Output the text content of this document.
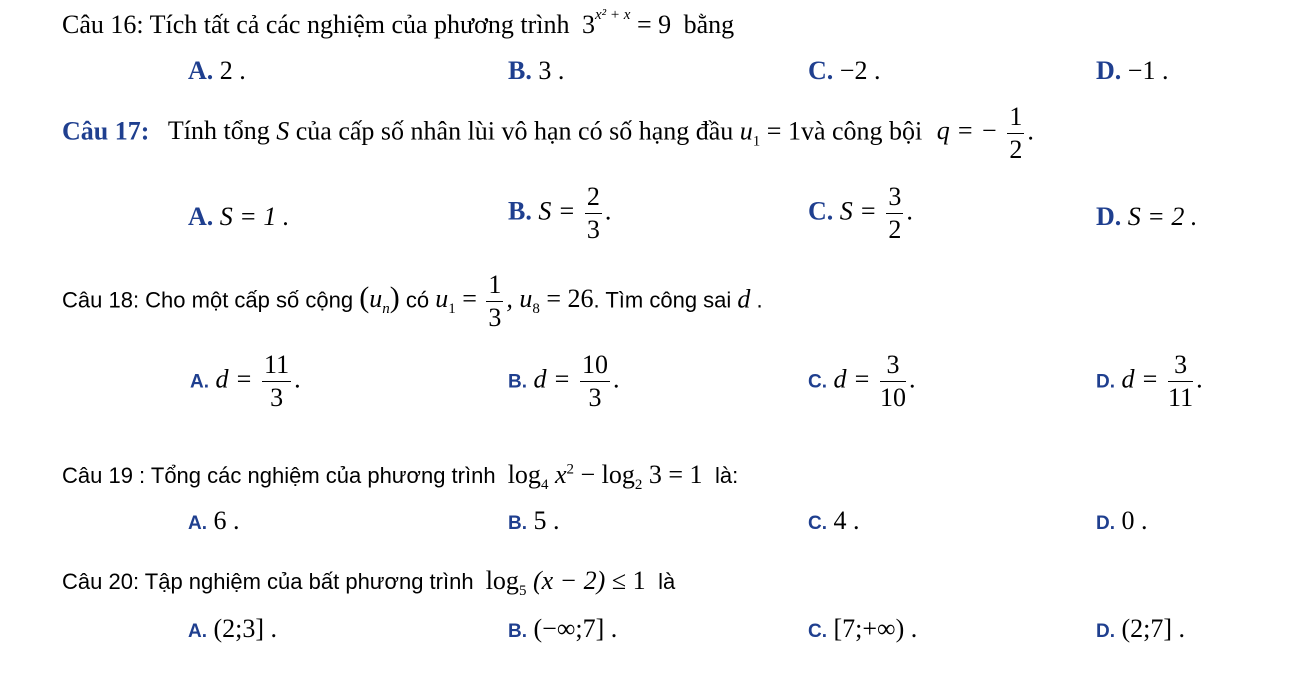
Câu 16: Tích tất cả các nghiệm của phương trình $3^{x^2 + x} = 9$ bằng
A. 2 .	B. 3 .	C. −2 .	D. −1 .
Câu 17: Tính tổng S của cấp số nhân lùi vô hạn có số hạng đầu $u_1$ = 1và công bội q = − $\frac{1}{2}$ .
A. S = 1 .	B. $S = \frac{2}{3}$ .	C. $S = \frac{3}{2}$ .	D. S = 2 .
Câu 18: Cho một cấp số cộng $(u_n)$ có $u_1 = \frac{1}{3}$ , $u_8 = 26$. Tìm công sai d .
A. $d = \frac{11}{3}$ .	B. $d = \frac{10}{3}$ .	C. $d = \frac{3}{10}$ .	D. $d = \frac{3}{11}$ .
Câu 19 : Tổng các nghiệm của phương trình $\log_4 x^2 - \log_2 3 = 1$ là:
A. 6 .	B. 5 .	C. 4 .	D. 0 .
Câu 20: Tập nghiệm của bất phương trình $\log_5 (x - 2) \le 1$ là
A. (2;3] .	B. (−∞;7] .	C. [7;+∞) .	D. (2;7] .
